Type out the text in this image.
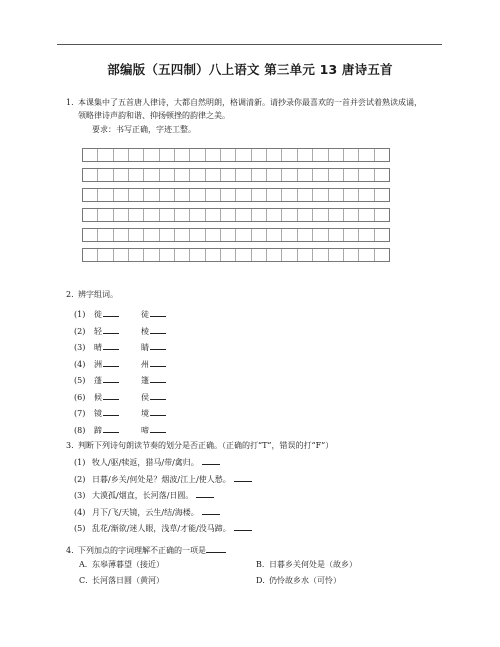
部编版（五四制）八上语文 第三单元 13 唐诗五首
1. 本课集中了五首唐人律诗，大都自然明朗，格调清新。请抄录你最喜欢的一首并尝试着熟读成诵，
领略律诗声韵和谐、抑扬顿挫的韵律之美。
要求：书写正确，字迹工整。
2. 辨字组词。
(1) 徙	徒
(2) 轻	棱
(3) 晴	睛
(4) 洲	州
(5) 蓬	篷
(6) 候	侯
(7) 镜	境
(8) 蹄	啼
3. 判断下列诗句朗读节奏的划分是否正确。（正确的打“T”，错误的打“F”）
(1) 牧人/驱/犊返，猎马/带/禽归。
(2) 日暮/乡关/何处是？烟波/江上/使人愁。
(3) 大漠孤/烟直，长河落/日圆。
(4) 月下/飞/天镜，云生/结/海楼。
(5) 乱花/渐欲/迷人眼，浅草/才能/没马蹄。
4. 下列加点的字词理解不正确的一项是
A．东皋薄暮望（接近）	B．日暮乡关何处是（故乡）
C．长河落日圆（黄河）	D．仍怜故乡水（可怜）
